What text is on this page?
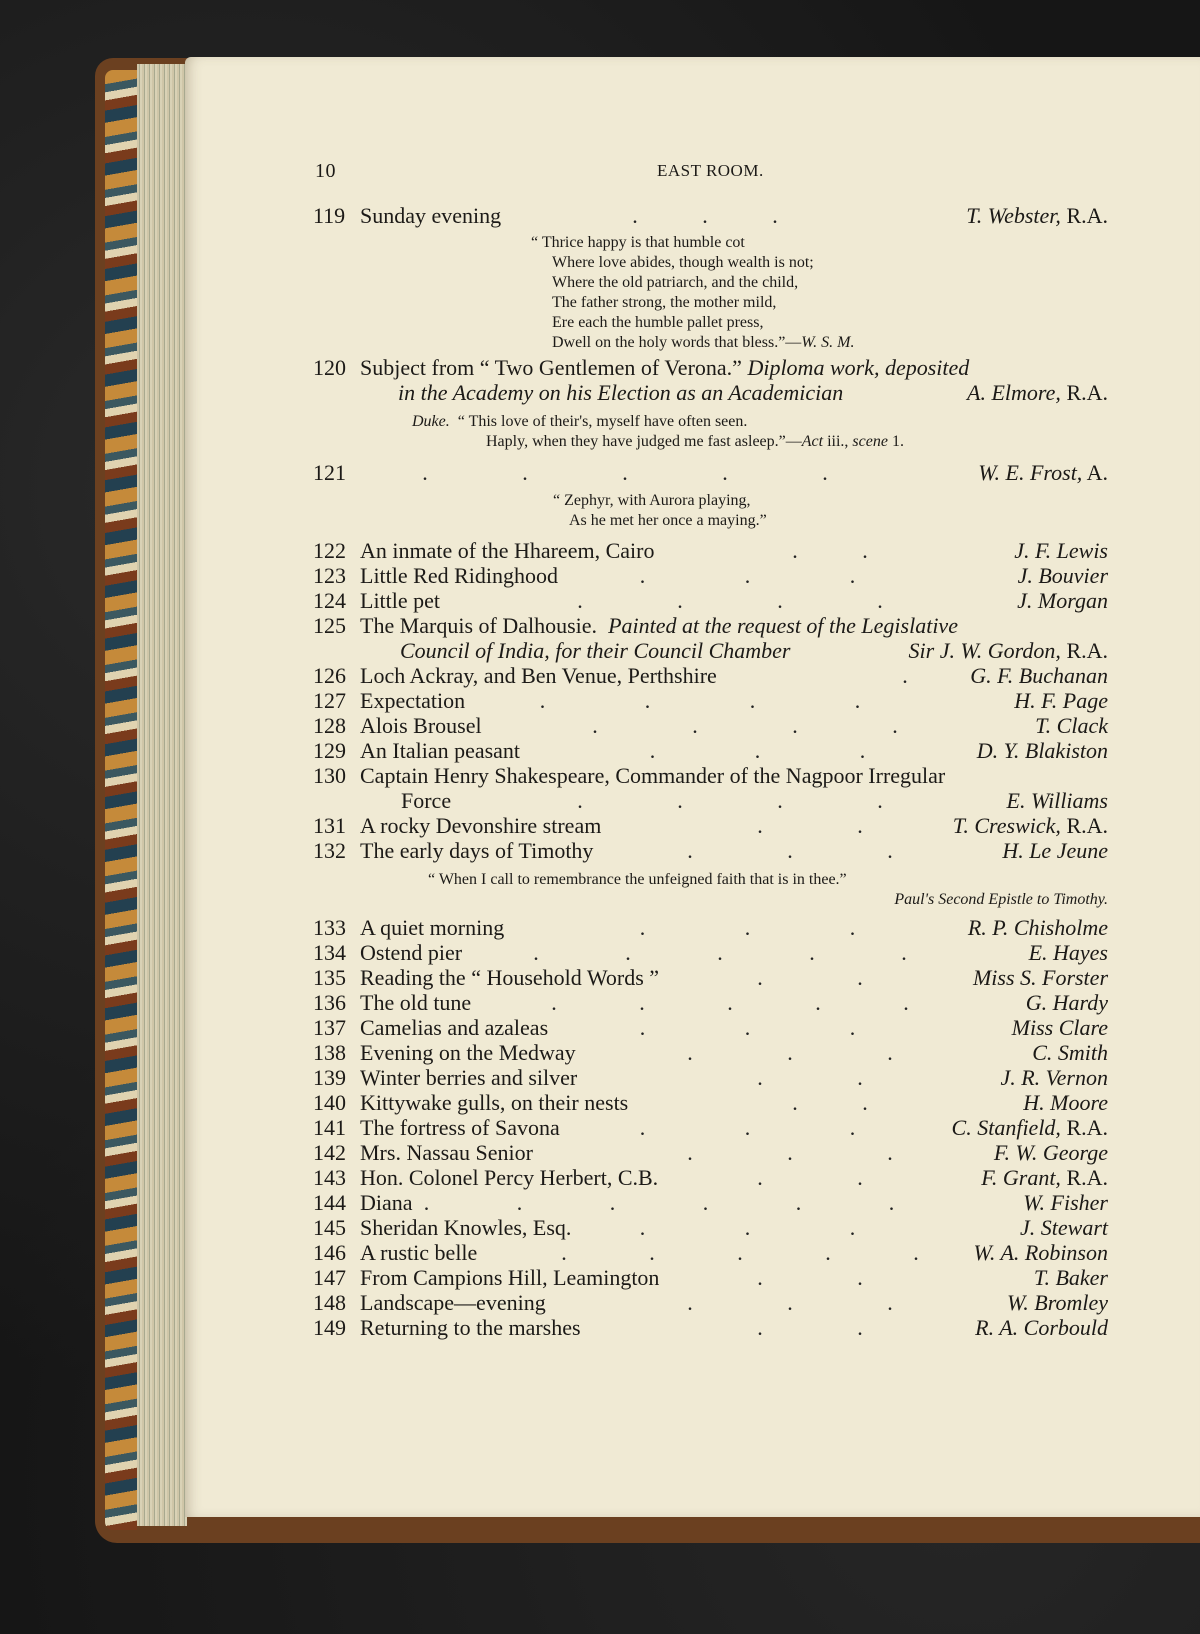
10	EAST ROOM.
119 Sunday evening	.	.	.	T. Webster, R.A.
“ Thrice happy is that humble cot
Where love abides, though wealth is not;
Where the old patriarch, and the child,
The father strong, the mother mild,
Ere each the humble pallet press,
Dwell on the holy words that bless.”—W. S. M.
120 Subject from “ Two Gentlemen of Verona.” Diploma work, deposited
in the Academy on his Election as an Academician	A. Elmore, R.A.
Duke. “ This love of their's, myself have often seen.
Haply, when they have judged me fast asleep.”—Act iii., scene 1.
121	.	.	.	.	.	W. E. Frost, A.
“ Zephyr, with Aurora playing,
As he met her once a maying.”
122 An inmate of the Hhareem, Cairo	.	.	J. F. Lewis
123 Little Red Ridinghood	.	.	.	J. Bouvier
124 Little pet	.	.	.	.	J. Morgan
125 The Marquis of Dalhousie. Painted at the request of the Legislative
Council of India, for their Council Chamber	Sir J. W. Gordon, R.A.
126 Loch Ackray, and Ben Venue, Perthshire	.	G. F. Buchanan
127 Expectation	.	.	.	.	H. F. Page
128 Alois Brousel	.	.	.	.	T. Clack
129 An Italian peasant	.	.	.	D. Y. Blakiston
130 Captain Henry Shakespeare, Commander of the Nagpoor Irregular
Force	.	.	.	.	E. Williams
131 A rocky Devonshire stream	.	.	T. Creswick, R.A.
132 The early days of Timothy	.	.	.	H. Le Jeune
“ When I call to remembrance the unfeigned faith that is in thee.”
Paul's Second Epistle to Timothy.
133 A quiet morning	.	.	.	R. P. Chisholme
134 Ostend pier	.	.	.	.	.	E. Hayes
135 Reading the “ Household Words ”	.	.	Miss S. Forster
136 The old tune	.	.	.	.	.	G. Hardy
137 Camelias and azaleas	.	.	.	Miss Clare
138 Evening on the Medway	.	.	.	C. Smith
139 Winter berries and silver	.	.	J. R. Vernon
140 Kittywake gulls, on their nests	.	.	H. Moore
141 The fortress of Savona	.	.	.	C. Stanfield, R.A.
142 Mrs. Nassau Senior	.	.	.	F. W. George
143 Hon. Colonel Percy Herbert, C.B.	.	.	F. Grant, R.A.
144 Diana .	.	.	.	.	.	W. Fisher
145 Sheridan Knowles, Esq.	.	.	.	J. Stewart
146 A rustic belle	.	.	.	.	.	W. A. Robinson
147 From Campions Hill, Leamington	.	.	T. Baker
148 Landscape—evening	.	.	.	W. Bromley
149 Returning to the marshes	.	.	R. A. Corbould
